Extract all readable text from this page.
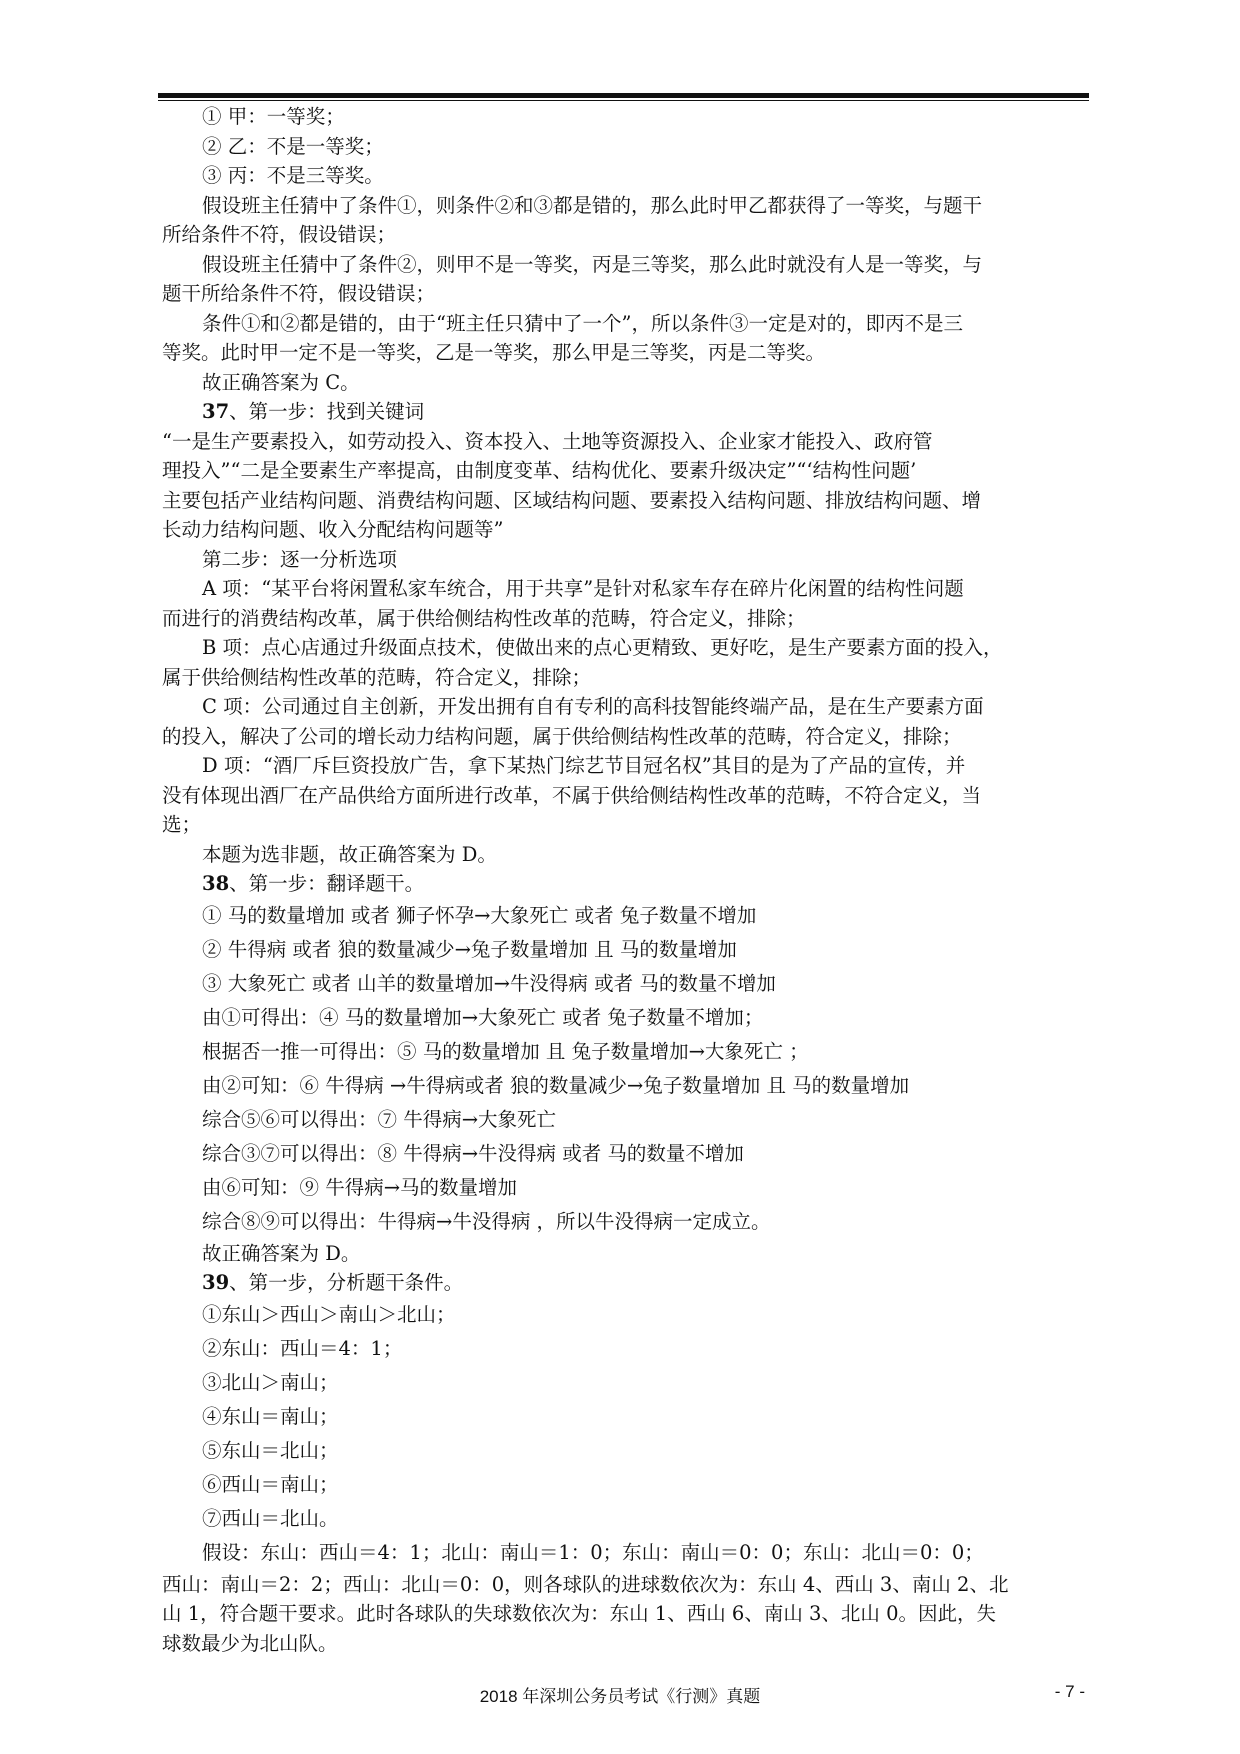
① 甲：一等奖；

② 乙：不是一等奖；

③ 丙：不是三等奖。

假设班主任猜中了条件①，则条件②和③都是错的，那么此时甲乙都获得了一等奖，与题干

所给条件不符，假设错误；

假设班主任猜中了条件②，则甲不是一等奖，丙是三等奖，那么此时就没有人是一等奖，与

题干所给条件不符，假设错误；

条件①和②都是错的，由于“班主任只猜中了一个”，所以条件③一定是对的，即丙不是三

等奖。此时甲一定不是一等奖，乙是一等奖，那么甲是三等奖，丙是二等奖。

故正确答案为 C。

37、第一步：找到关键词

“一是生产要素投入，如劳动投入、资本投入、土地等资源投入、企业家才能投入、政府管

理投入”“二是全要素生产率提高，由制度变革、结构优化、要素升级决定”“‘结构性问题’

主要包括产业结构问题、消费结构问题、区域结构问题、要素投入结构问题、排放结构问题、增

长动力结构问题、收入分配结构问题等”

第二步：逐一分析选项

A 项：“某平台将闲置私家车统合，用于共享”是针对私家车存在碎片化闲置的结构性问题

而进行的消费结构改革，属于供给侧结构性改革的范畴，符合定义，排除；

B 项：点心店通过升级面点技术，使做出来的点心更精致、更好吃，是生产要素方面的投入，

属于供给侧结构性改革的范畴，符合定义，排除；

C 项：公司通过自主创新，开发出拥有自有专利的高科技智能终端产品，是在生产要素方面

的投入，解决了公司的增长动力结构问题，属于供给侧结构性改革的范畴，符合定义，排除；

D 项：“酒厂斥巨资投放广告，拿下某热门综艺节目冠名权”其目的是为了产品的宣传，并

没有体现出酒厂在产品供给方面所进行改革，不属于供给侧结构性改革的范畴，不符合定义，当

选；

本题为选非题，故正确答案为 D。

38、第一步：翻译题干。

① 马的数量增加 或者 狮子怀孕→大象死亡 或者 兔子数量不增加

② 牛得病 或者 狼的数量减少→兔子数量增加 且 马的数量增加

③ 大象死亡 或者 山羊的数量增加→牛没得病 或者 马的数量不增加

由①可得出：④ 马的数量增加→大象死亡 或者 兔子数量不增加；

根据否一推一可得出：⑤ 马的数量增加 且 兔子数量增加→大象死亡 ；

由②可知：⑥ 牛得病 →牛得病或者 狼的数量减少→兔子数量增加 且 马的数量增加

综合⑤⑥可以得出：⑦ 牛得病→大象死亡

综合③⑦可以得出：⑧ 牛得病→牛没得病 或者 马的数量不增加

由⑥可知：⑨ 牛得病→马的数量增加

综合⑧⑨可以得出：牛得病→牛没得病 ，所以牛没得病一定成立。

故正确答案为 D。

39、第一步，分析题干条件。

①东山＞西山＞南山＞北山；

②东山：西山＝4：1；

③北山＞南山；

④东山＝南山；

⑤东山＝北山；

⑥西山＝南山；

⑦西山＝北山。

假设：东山：西山＝4：1；北山：南山＝1：0；东山：南山＝0：0；东山：北山＝0：0；

西山：南山＝2：2；西山：北山＝0：0，则各球队的进球数依次为：东山 4、西山 3、南山 2、北

山 1，符合题干要求。此时各球队的失球数依次为：东山 1、西山 6、南山 3、北山 0。因此，失

球数最少为北山队。

2018 年深圳公务员考试《行测》真题	- 7 -
